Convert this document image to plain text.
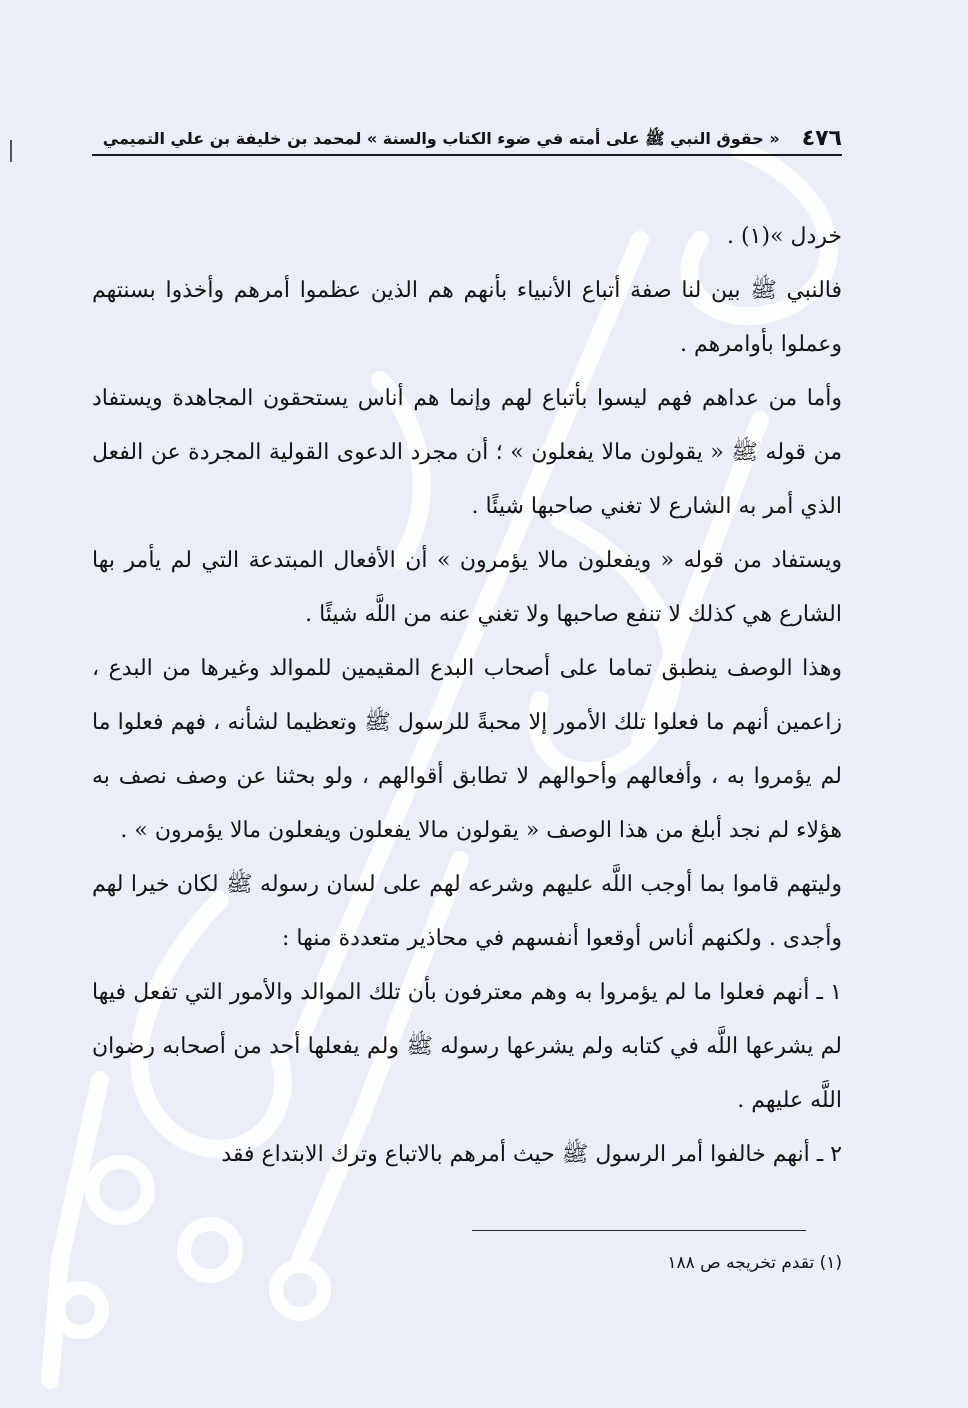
٤٧٦
« حقوق النبي ﷺ على أمته في ضوء الكتاب والسنة » لمحمد بن خليفة بن علي التميمي

خردل »(١) .

فالنبي ﷺ بين لنا صفة أتباع الأنبياء بأنهم هم الذين عظموا أمرهم وأخذوا بسنتهم وعملوا بأوامرهم .

وأما من عداهم فهم ليسوا بأتباع لهم وإنما هم أناس يستحقون المجاهدة ويستفاد من قوله ﷺ « يقولون مالا يفعلون » ؛ أن مجرد الدعوى القولية المجردة عن الفعل الذي أمر به الشارع لا تغني صاحبها شيئًا .

ويستفاد من قوله « ويفعلون مالا يؤمرون » أن الأفعال المبتدعة التي لم يأمر بها الشارع هي كذلك لا تنفع صاحبها ولا تغني عنه من اللَّه شيئًا .

وهذا الوصف ينطبق تماما على أصحاب البدع المقيمين للموالد وغيرها من البدع ، زاعمين أنهم ما فعلوا تلك الأمور إلا محبةً للرسول ﷺ وتعظيما لشأنه ، فهم فعلوا ما لم يؤمروا به ، وأفعالهم وأحوالهم لا تطابق أقوالهم ، ولو بحثنا عن وصف نصف به هؤلاء لم نجد أبلغ من هذا الوصف « يقولون مالا يفعلون ويفعلون مالا يؤمرون » .

وليتهم قاموا بما أوجب اللَّه عليهم وشرعه لهم على لسان رسوله ﷺ لكان خيرا لهم وأجدى . ولكنهم أناس أوقعوا أنفسهم في محاذير متعددة منها :

١ ـ أنهم فعلوا ما لم يؤمروا به وهم معترفون بأن تلك الموالد والأمور التي تفعل فيها لم يشرعها اللَّه في كتابه ولم يشرعها رسوله ﷺ ولم يفعلها أحد من أصحابه رضوان اللَّه عليهم .

٢ ـ أنهم خالفوا أمر الرسول ﷺ حيث أمرهم بالاتباع وترك الابتداع فقد

(١) تقدم تخريجه ص ١٨٨
